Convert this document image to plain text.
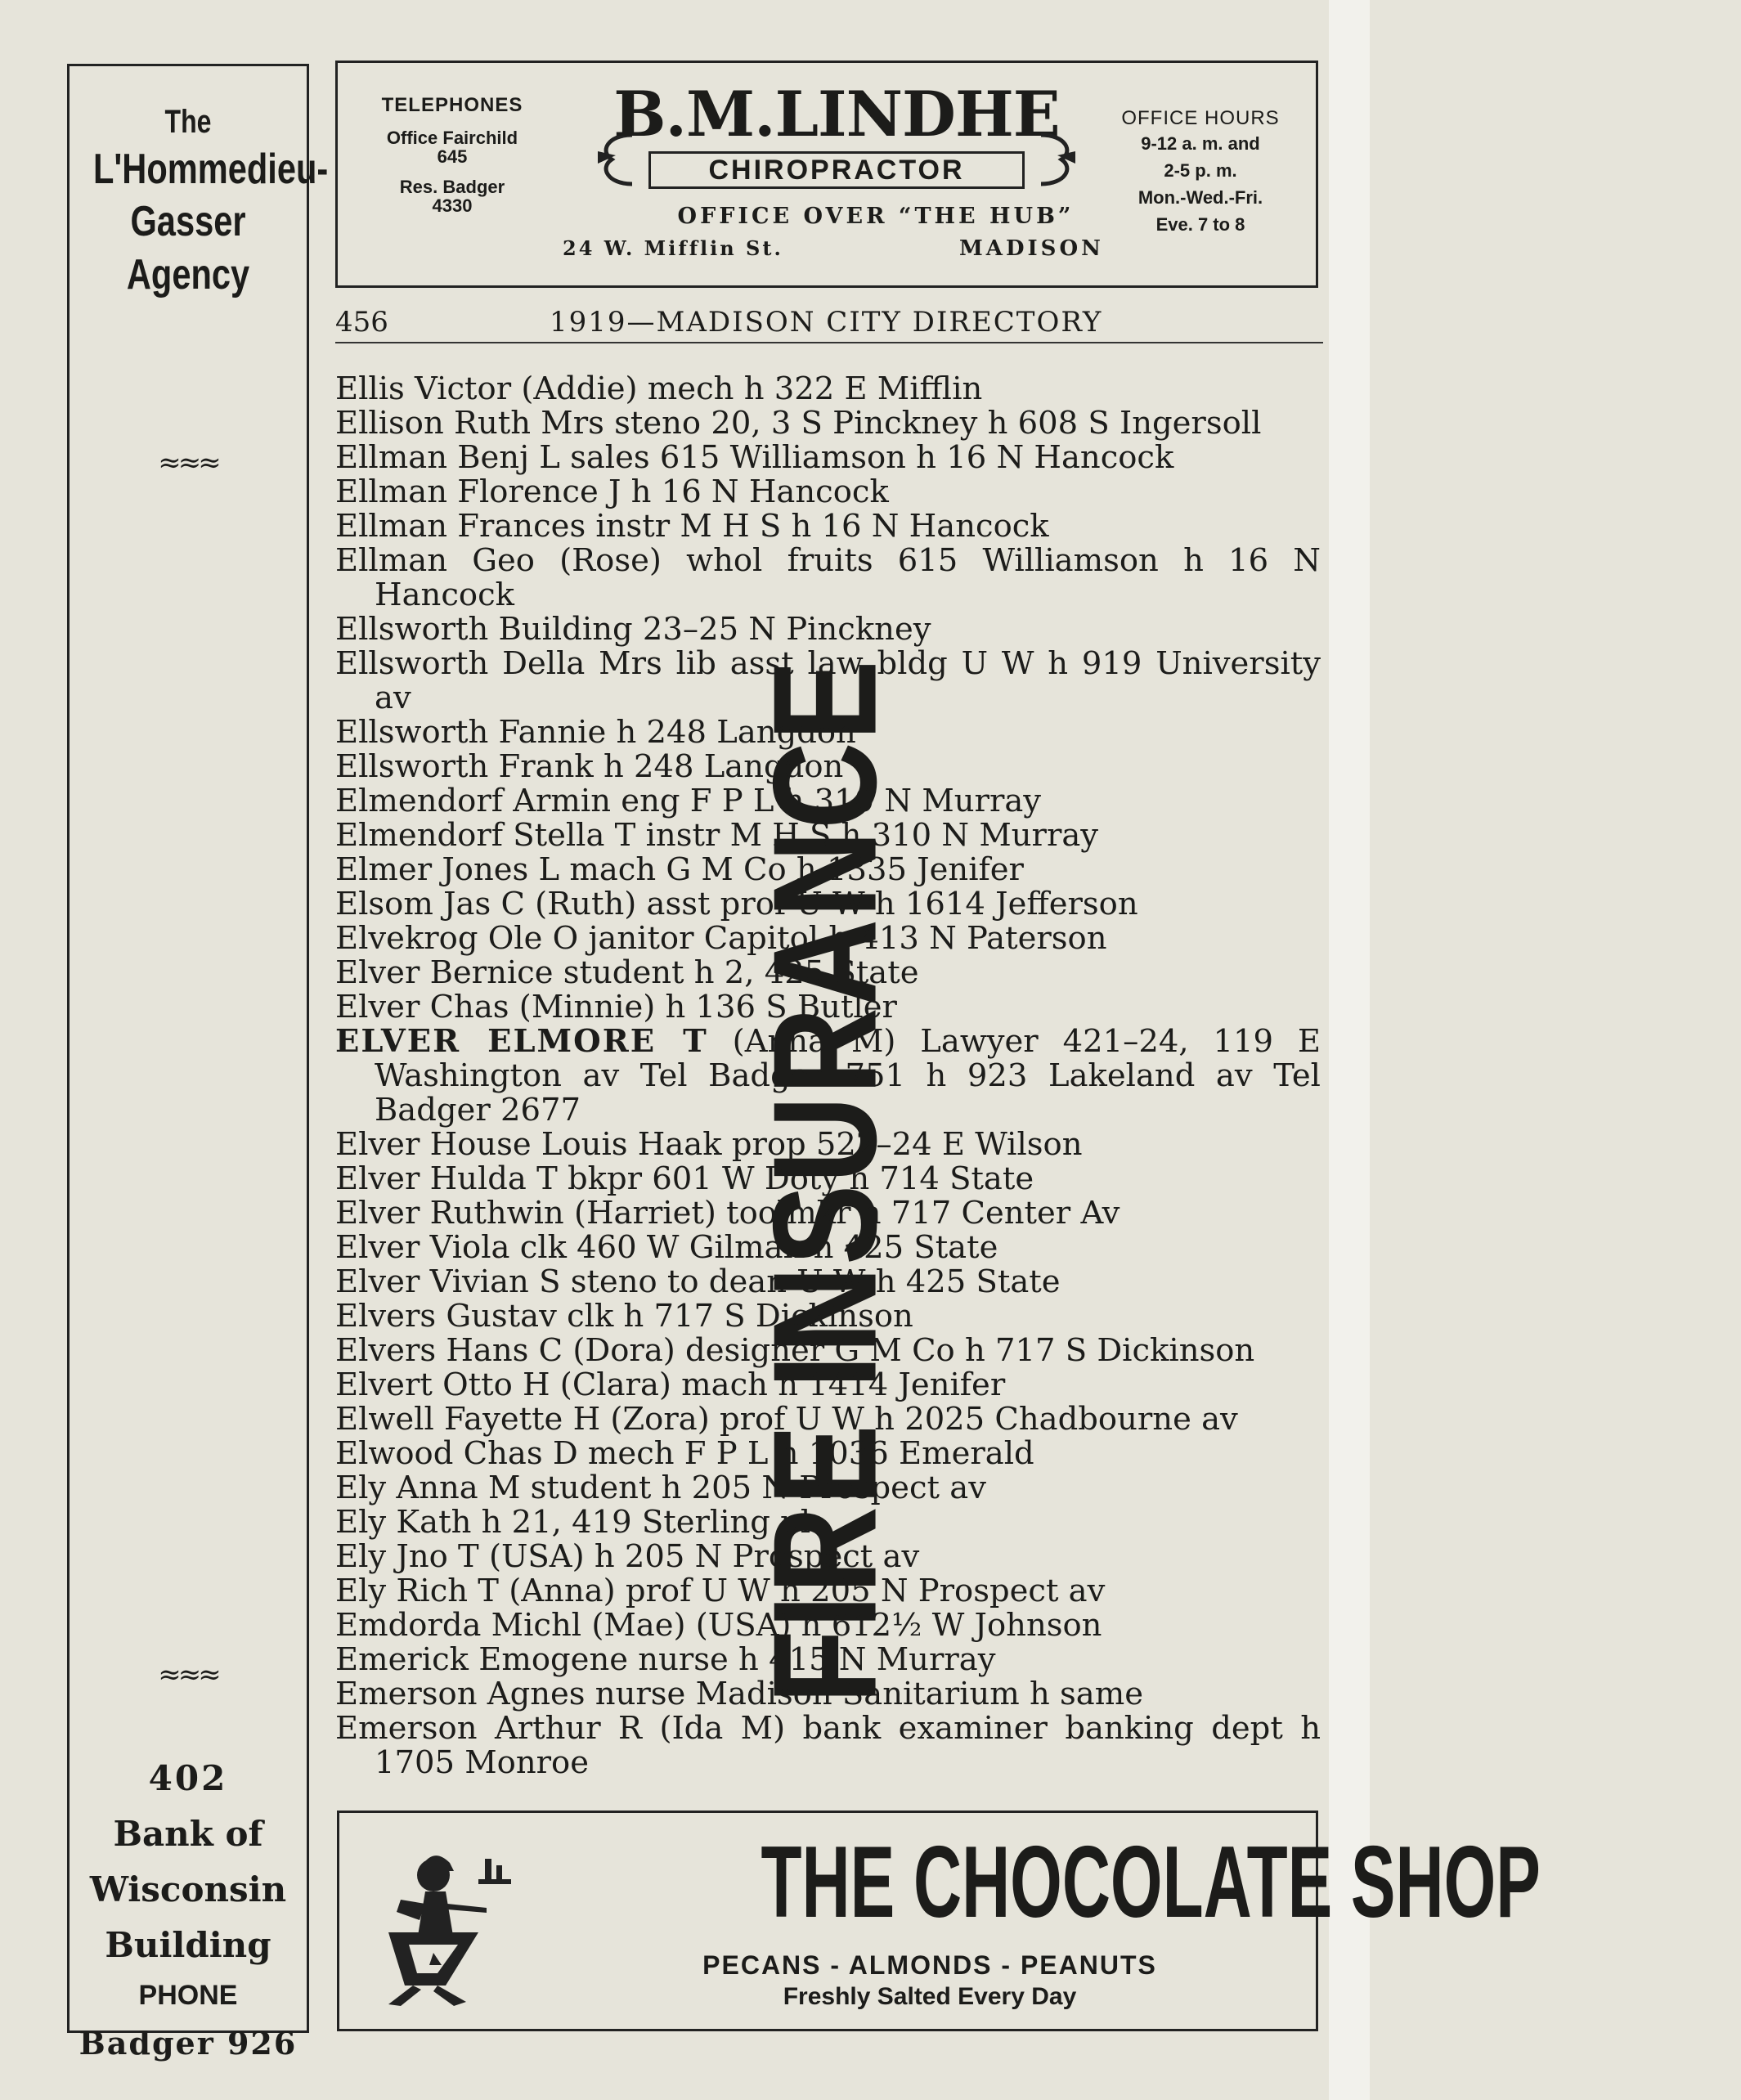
The
L'Hommedieu-
Gasser
Agency
≈≈≈
FIRE INSURANCE
≈≈≈
402
Bank of
Wisconsin
Building
PHONE
Badger 926
TELEPHONES
Office Fairchild
645
Res. Badger
4330
B.M.LINDHE
CHIROPRACTOR
OFFICE OVER “THE HUB”
24 W. Mifflin St.	MADISON
OFFICE HOURS
9-12 a. m. and
2-5 p. m.
Mon.-Wed.-Fri.
Eve. 7 to 8
456	1919—MADISON CITY DIRECTORY
Ellis Victor (Addie) mech h 322 E Mifflin
Ellison Ruth Mrs steno 20, 3 S Pinckney h 608 S Ingersoll
Ellman Benj L sales 615 Williamson h 16 N Hancock
Ellman Florence J h 16 N Hancock
Ellman Frances instr M H S h 16 N Hancock
Ellman Geo (Rose) whol fruits 615 Williamson h 16 N Hancock
Ellsworth Building 23–25 N Pinckney
Ellsworth Della Mrs lib asst law bldg U W h 919 University av
Ellsworth Fannie h 248 Langdon
Ellsworth Frank h 248 Langdon
Elmendorf Armin eng F P L h 310 N Murray
Elmendorf Stella T instr M H S h 310 N Murray
Elmer Jones L mach G M Co h 1335 Jenifer
Elsom Jas C (Ruth) asst prof U W h 1614 Jefferson
Elvekrog Ole O janitor Capitol h 413 N Paterson
Elver Bernice student h 2, 425 State
Elver Chas (Minnie) h 136 S Butler
ELVER ELMORE T (Anna M) Lawyer 421–24, 119 E Washington av Tel Badger 751 h 923 Lakeland av Tel Badger 2677
Elver House Louis Haak prop 522–24 E Wilson
Elver Hulda T bkpr 601 W Doty h 714 State
Elver Ruthwin (Harriet) toolmkr h 717 Center Av
Elver Viola clk 460 W Gilman h 425 State
Elver Vivian S steno to dean U W h 425 State
Elvers Gustav clk h 717 S Dickinson
Elvers Hans C (Dora) designer G M Co h 717 S Dickinson
Elvert Otto H (Clara) mach h 1414 Jenifer
Elwell Fayette H (Zora) prof U W h 2025 Chadbourne av
Elwood Chas D mech F P L h 1036 Emerald
Ely Anna M student h 205 N Prospect av
Ely Kath h 21, 419 Sterling pl
Ely Jno T (USA) h 205 N Prospect av
Ely Rich T (Anna) prof U W h 205 N Prospect av
Emdorda Michl (Mae) (USA) h 612½ W Johnson
Emerick Emogene nurse h 415 N Murray
Emerson Agnes nurse Madison Sanitarium h same
Emerson Arthur R (Ida M) bank examiner banking dept h 1705 Monroe
THE CHOCOLATE SHOP
PECANS - ALMONDS - PEANUTS
Freshly Salted Every Day
